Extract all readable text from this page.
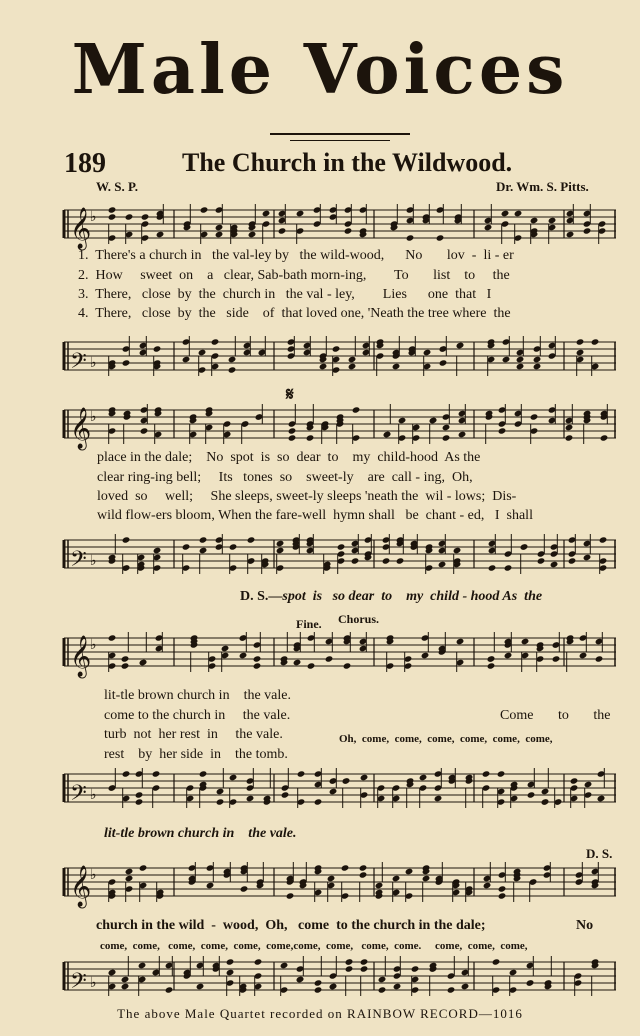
Male Voices
189	The Church in the Wildwood.
W. S. P.	Dr. Wm. S. Pitts.
𝄞
♭
1.  There's a church in   the val-ley by   the wild-wood,      No       lov  -  li - er
2.  How     sweet  on    a   clear, Sab-bath morn-ing,        To       list    to     the
3.  There,   close  by  the  church in   the val - ley,        Lies      one  that   I
4.  There,   close  by  the   side    of  that loved one, 'Neath the tree where  the
𝄢 ♭
𝄋
𝄞
♭
place in the dale;    No  spot  is  so  dear  to    my  child-hood  As the
clear ring-ing bell;     Its   tones  so    sweet-ly    are  call - ing,  Oh,
loved  so     well;     She sleeps, sweet-ly sleeps 'neath the  wil - lows;  Dis-
wild flow-ers bloom, When the fare-well  hymn shall   be  chant - ed,   I  shall
𝄢 ♭
D. S.—spot  is   so dear  to    my  child - hood As  the
Fine. Chorus.
𝄞
♭
lit-tle brown church in    the vale.
come to the church in     the vale.
turb  not  her rest  in     the vale.
rest    by  her side  in    the tomb.
Come       to       the
Oh,  come,  come,  come,  come,  come,  come,
𝄢 ♭
lit-tle brown church in    the vale.
D. S.
𝄞
♭
church in the wild  -  wood,  Oh,   come  to the church in the dale;	No
come,  come,   come,  come,  come,  come,come,  come,   come,  come.     come,  come,  come,
𝄢 ♭
The above Male Quartet recorded on RAINBOW RECORD—1016
